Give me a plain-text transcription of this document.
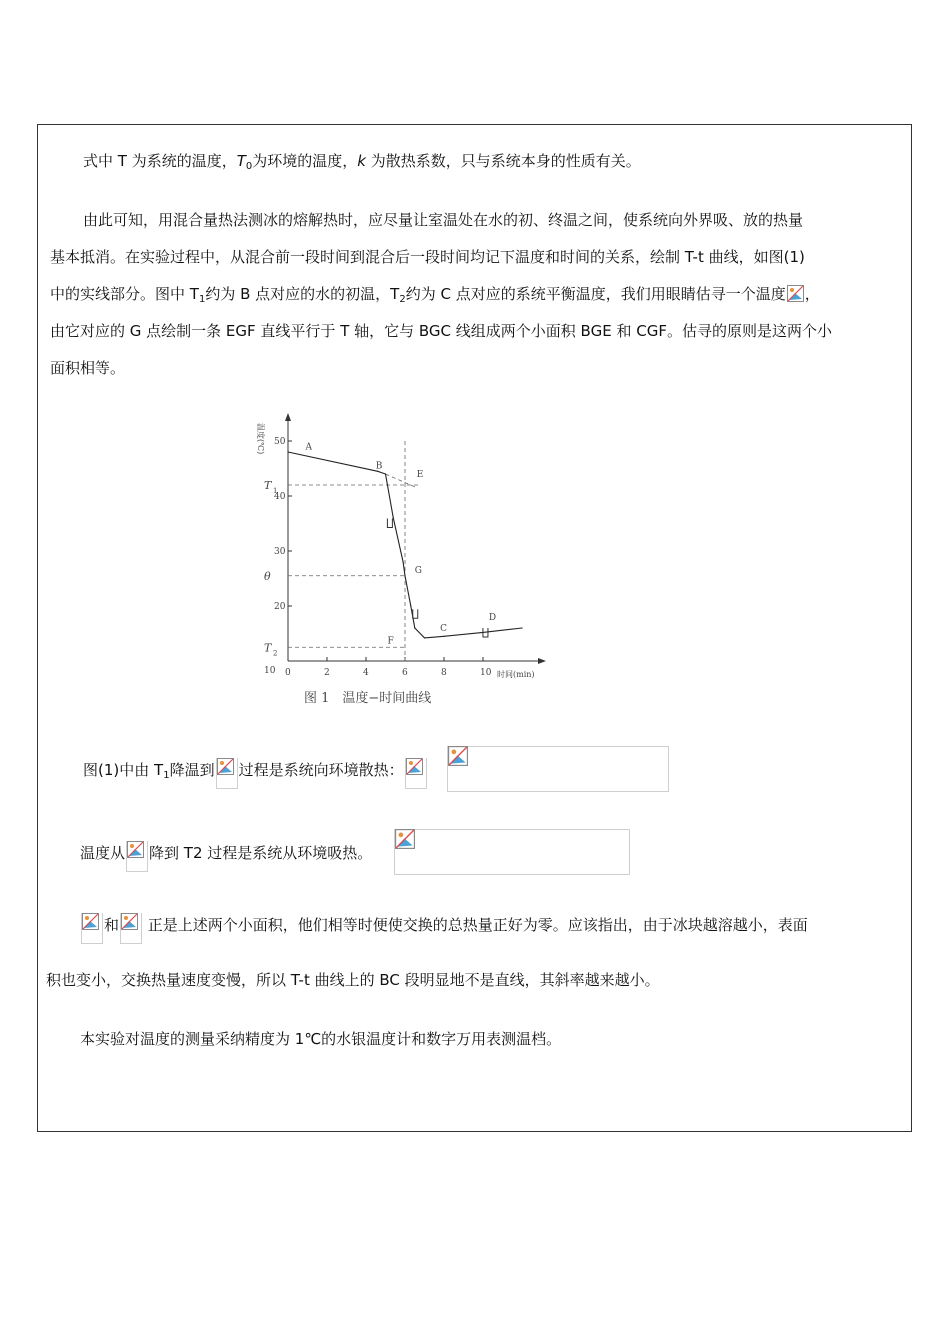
式中 T 为系统的温度，$T_0$为环境的温度，k 为散热系数，只与系统本身的性质有关。
由此可知，用混合量热法测冰的熔解热时，应尽量让室温处在水的初、终温之间，使系统向外界吸、放的热量
基本抵消。在实验过程中，从混合前一段时间到混合后一段时间均记下温度和时间的关系，绘制 T-t 曲线，如图(1)
中的实线部分。图中 $T_1$约为 B 点对应的水的初温，$T_2$约为 C 点对应的系统平衡温度，我们用眼睛估寻一个温度 ，
由它对应的 G 点绘制一条 EGF 直线平行于 T 轴，它与 BGC 线组成两个小面积 BGE 和 CGF。估寻的原则是这两个小
面积相等。
10
20
30
40
50
0	2	4	6	8	10 时间(min)
温度(℃)
T 1
θ
T 2
A
B
E
G
F
C
D
图 1　温度−时间曲线
图(1)中由 $T_1$降温到 过程是系统向环境散热：
温度从 降到 T2 过程是系统从环境吸热。
和
正是上述两个小面积，他们相等时便使交换的总热量正好为零。应该指出，由于冰块越溶越小，表面
积也变小，交换热量速度变慢，所以 T-t 曲线上的 BC 段明显地不是直线，其斜率越来越小。
本实验对温度的测量采纳精度为 1℃的水银温度计和数字万用表测温档。
